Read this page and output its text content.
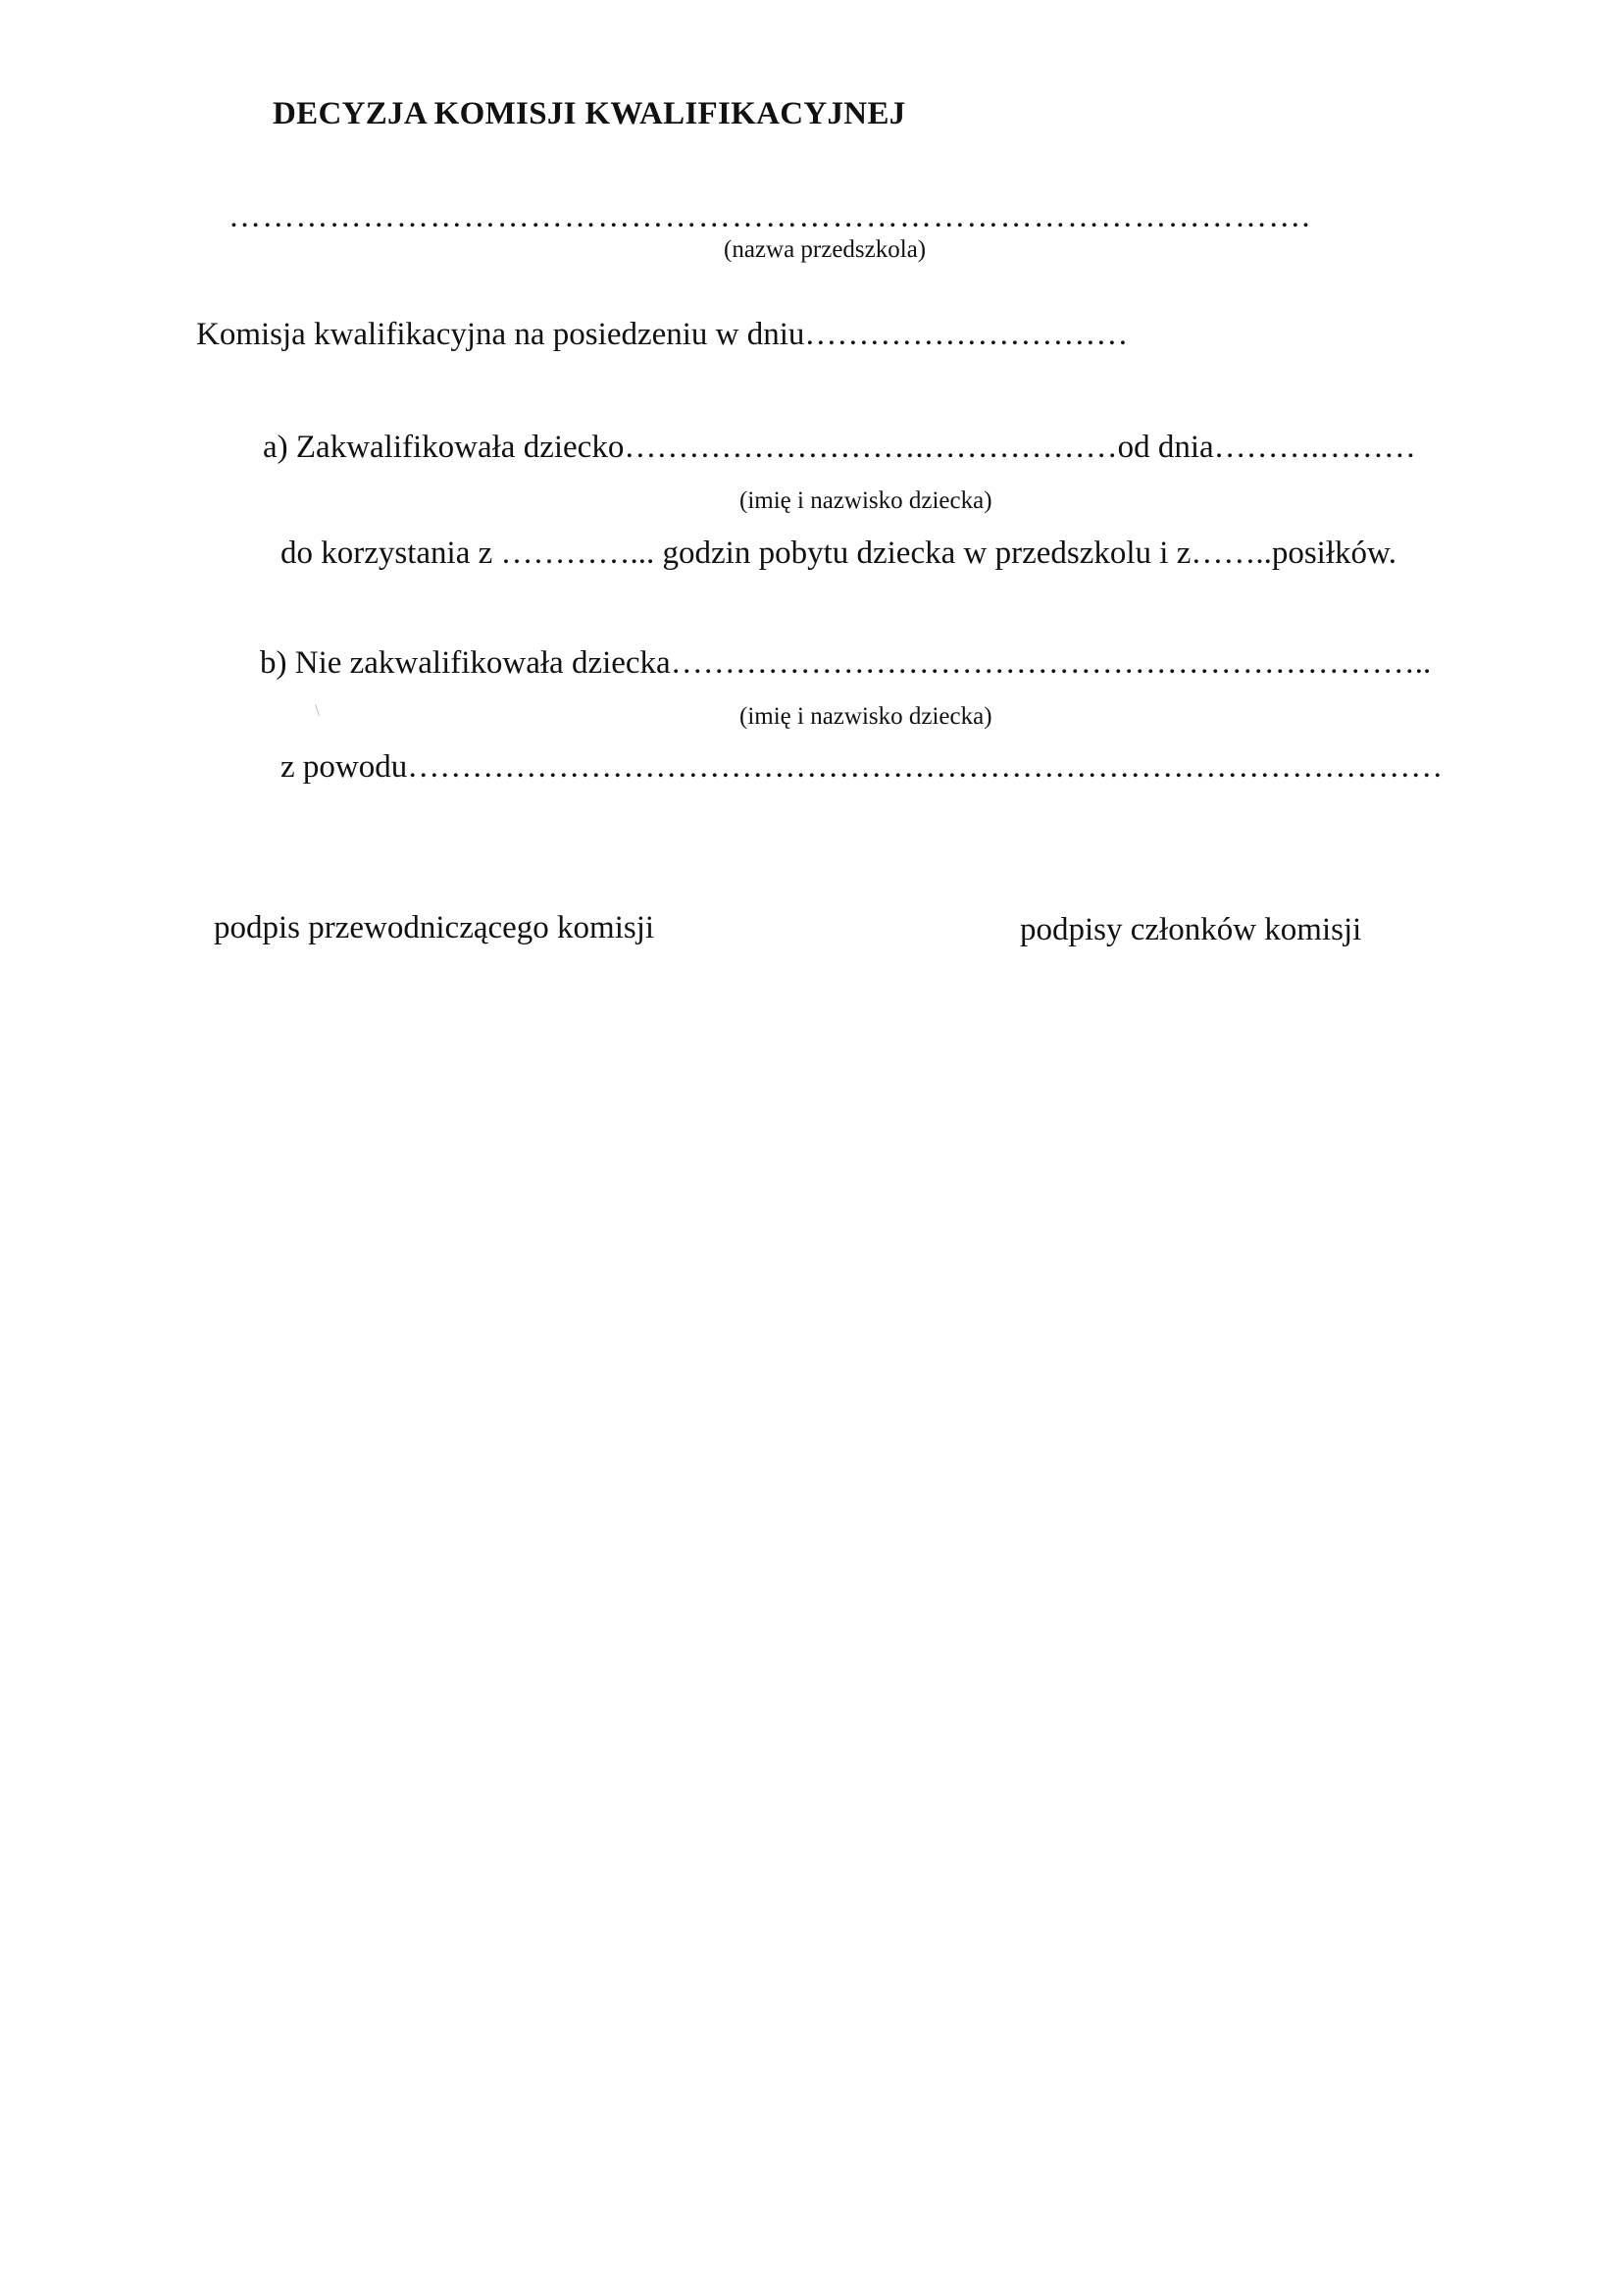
DECYZJA KOMISJI KWALIFIKACYJNEJ
…………………………………………………………………………………….
(nazwa przedszkola)
Komisja kwalifikacyjna na posiedzeniu w dniu…………………………
a) Zakwalifikowała dziecko……………………….………………od dnia……….………
(imię i nazwisko dziecka)
do korzystania z …………... godzin pobytu dziecka w przedszkolu i z……..posiłków.
b) Nie zakwalifikowała dziecka……………………………………………………………..
(imię i nazwisko dziecka)
z powodu……………………………………………………………………………………
podpis przewodniczącego komisji	podpisy członków komisji
